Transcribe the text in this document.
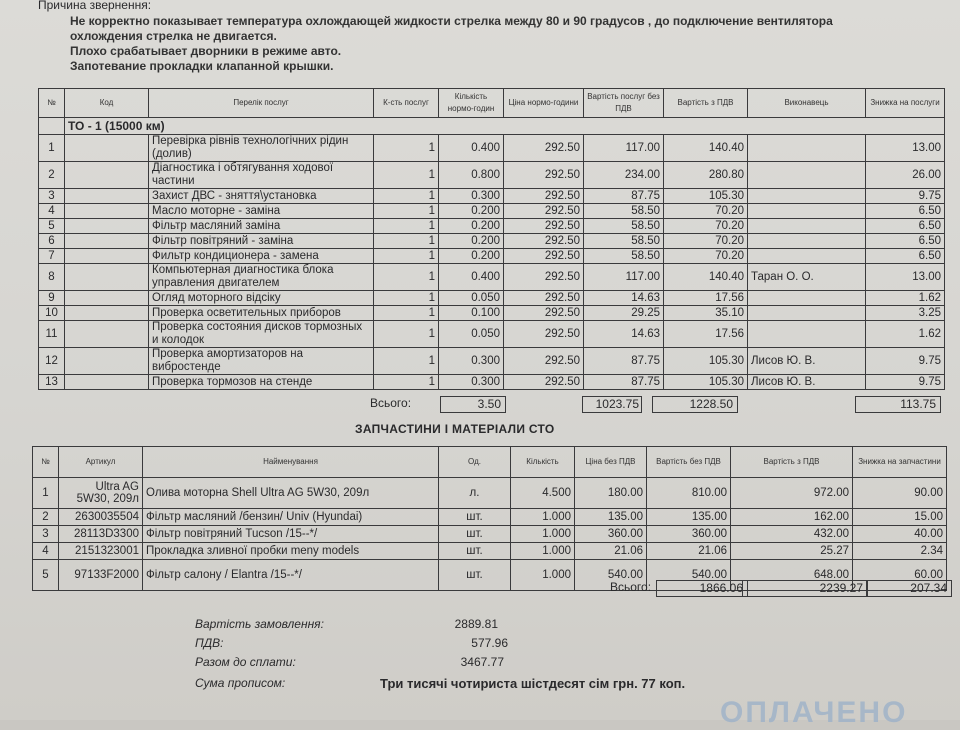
Причина звернення:
Не корректно показывает температура охлождающей жидкости стрелка между 80 и 90 градусов , до подключение вентилятора
охлождения стрелка не двигается.
Плохо срабатывает дворники в режиме авто.
Запотевание прокладки клапанной крышки.
№	Код	Перелік послуг	К-сть послуг	Кількість нормо-годин	Ціна нормо-години	Вартість послуг без ПДВ	Вартість з ПДВ	Виконавець	Знижка на послуги
	ТО - 1 (15000 км)								
1		Перевірка рівнів технологічних рідин (долив)	1	0.400	292.50	117.00	140.40		13.00
2		Діагностика і обтягування ходової частини	1	0.800	292.50	234.00	280.80		26.00
3		Захист ДВС - зняття\установка	1	0.300	292.50	87.75	105.30		9.75
4		Масло моторне - заміна	1	0.200	292.50	58.50	70.20		6.50
5		Фільтр масляний заміна	1	0.200	292.50	58.50	70.20		6.50
6		Фільтр повітряний - заміна	1	0.200	292.50	58.50	70.20		6.50
7		Фильтр кондиционера - замена	1	0.200	292.50	58.50	70.20		6.50
8		Компьютерная диагностика блока управления двигателем	1	0.400	292.50	117.00	140.40	Таран О. О.	13.00
9		Огляд моторного відсіку	1	0.050	292.50	14.63	17.56		1.62
10		Проверка осветительных приборов	1	0.100	292.50	29.25	35.10		3.25
11		Проверка состояния дисков тормозных и колодок	1	0.050	292.50	14.63	17.56		1.62
12		Проверка амортизаторов на вибростенде	1	0.300	292.50	87.75	105.30	Лисов Ю. В.	9.75
13		Проверка тормозов на стенде	1	0.300	292.50	87.75	105.30	Лисов Ю. В.	9.75
Всього:	3.50	1023.75	1228.50	113.75
ЗАПЧАСТИНИ І МАТЕРІАЛИ СТО
№	Артикул	Найменування	Од.	Кількість	Ціна без ПДВ	Вартість без ПДВ	Вартість з ПДВ	Знижка на запчастини
1	Ultra AG 5W30, 209л	Олива моторна Shell Ultra AG 5W30, 209л	л.	4.500	180.00	810.00	972.00	90.00
2	2630035504	Фільтр масляний /бензин/ Univ (Hyundai)	шт.	1.000	135.00	135.00	162.00	15.00
3	28113D3300	Фільтр повітряний Tucson /15--*/	шт.	1.000	360.00	360.00	432.00	40.00
4	2151323001	Прокладка зливної пробки meny models	шт.	1.000	21.06	21.06	25.27	2.34
5	97133F2000	Фільтр салону / Elantra /15--*/	шт.	1.000	540.00	540.00	648.00	60.00
Всього:	1866.06	2239.27	207.34
Вартість замовлення:	2889.81
ПДВ:	577.96
Разом до сплати:	3467.77
Сума прописом:	Три тисячі чотириста шістдесят сім грн. 77 коп.
ОПЛАЧЕНО
